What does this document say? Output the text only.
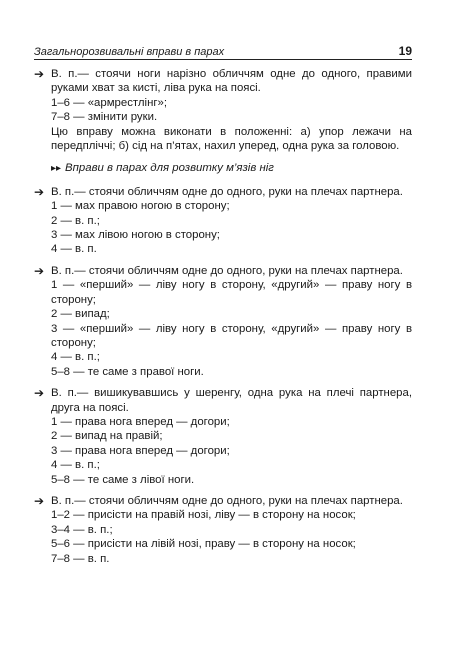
Загальнорозвивальні вправи в парах	19

➔ В. п.— стоячи ноги нарізно обличчям одне до одного, правими руками хват за кисті, ліва рука на поясі.

1–6 — «армрестлінг»;

7–8 — змінити руки.

Цю вправу можна виконати в положенні: а) упор лежачи на передпліччі; б) сід на п’ятах, нахил уперед, одна рука за головою.

▸▸ Вправи в парах для розвитку м’язів ніг

➔ В. п.— стоячи обличчям одне до одного, руки на плечах партнера.

1 — мах правою ногою в сторону;

2 — в. п.;

3 — мах лівою ногою в сторону;

4 — в. п.

➔ В. п.— стоячи обличчям одне до одного, руки на плечах партнера.

1 — «перший» — ліву ногу в сторону, «другий» — праву ногу в сторону;

2 — випад;

3 — «перший» — ліву ногу в сторону, «другий» — праву ногу в сторону;

4 — в. п.;

5–8 — те саме з правої ноги.

➔ В. п.— вишикувавшись у шеренгу, одна рука на плечі партнера, друга на поясі.

1 — права нога вперед — догори;

2 — випад на правій;

3 — права нога вперед — догори;

4 — в. п.;

5–8 — те саме з лівої ноги.

➔ В. п.— стоячи обличчям одне до одного, руки на плечах партнера.

1–2 — присісти на правій нозі, ліву — в сторону на носок;

3–4 — в. п.;

5–6 — присісти на лівій нозі, праву — в сторону на носок;

7–8 — в. п.
